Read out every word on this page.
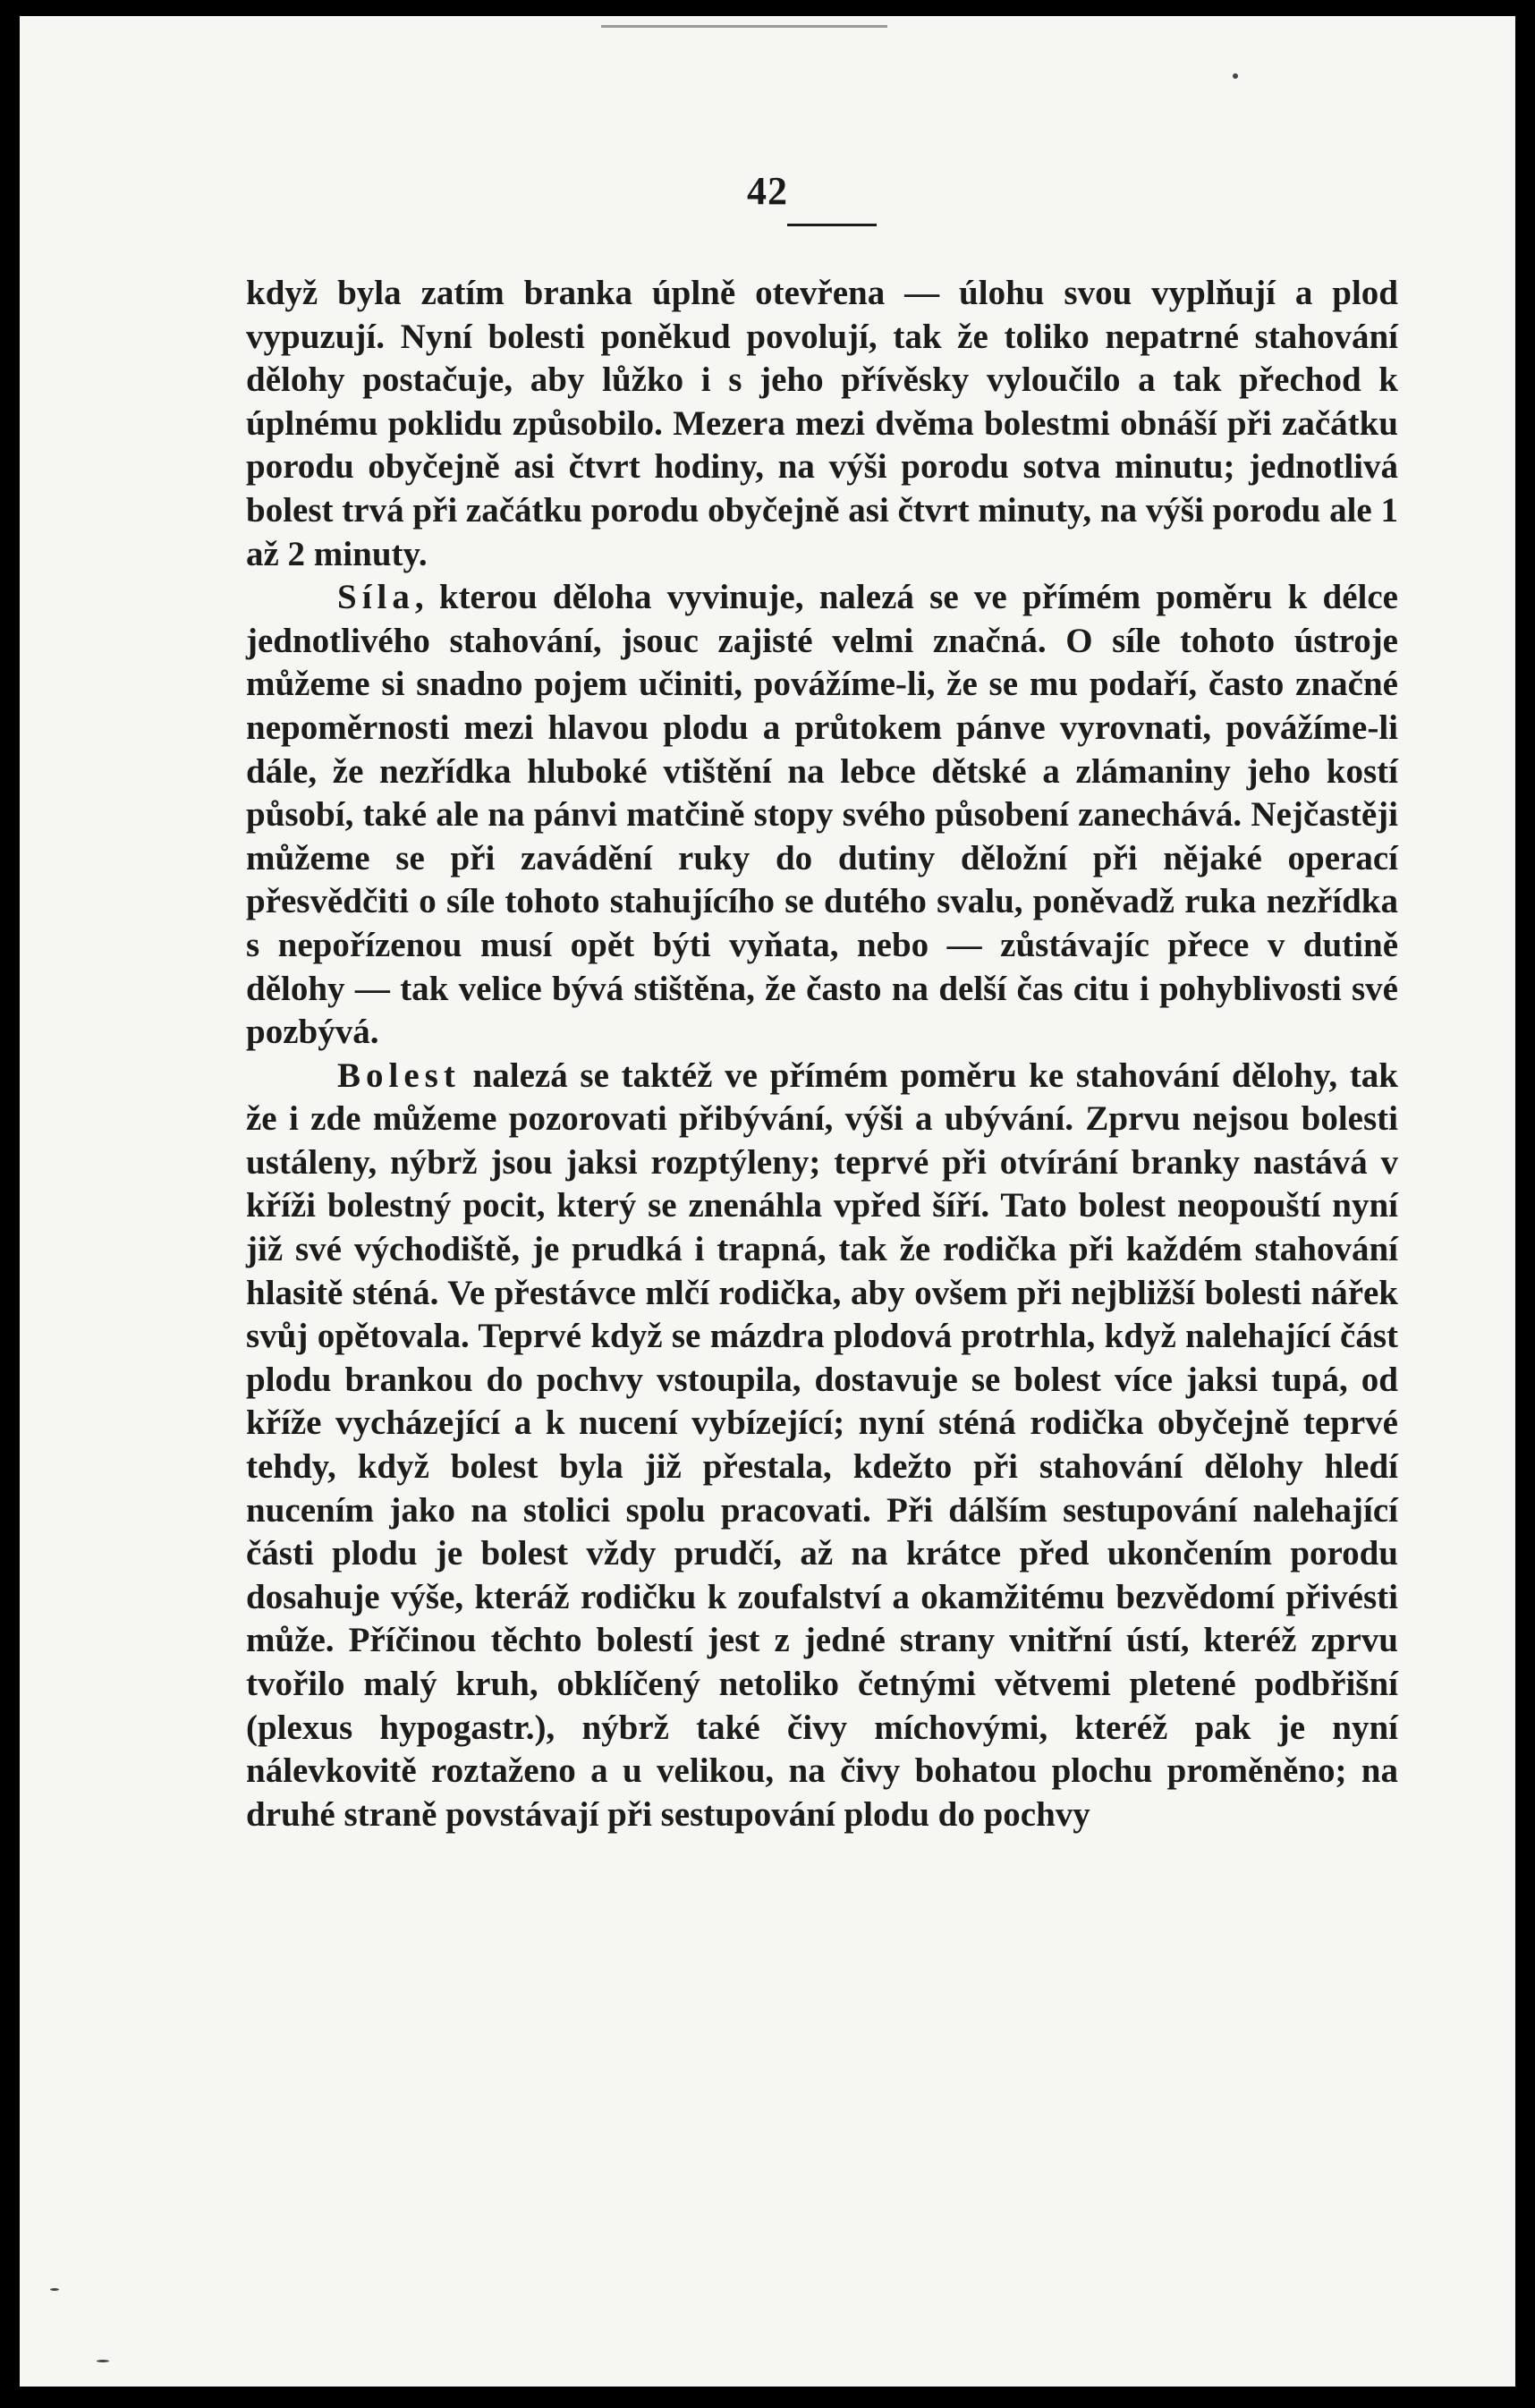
42

když byla zatím branka úplně otevřena — úlohu svou vyplňují a plod vypuzují. Nyní bolesti poněkud povolují, tak že toliko nepatrné stahování dělohy postačuje, aby lůžko i s jeho přívěsky vyloučilo a tak přechod k úplnému poklidu způsobilo. Mezera mezi dvěma bolestmi obnáší při začátku porodu obyčejně asi čtvrt hodiny, na výši porodu sotva minutu; jednotlivá bolest trvá při začátku porodu obyčejně asi čtvrt minuty, na výši porodu ale 1 až 2 minuty.

Síla, kterou děloha vyvinuje, nalezá se ve přímém poměru k délce jednotlivého stahování, jsouc zajisté velmi značná. O síle tohoto ústroje můžeme si snadno pojem učiniti, povážíme-li, že se mu podaří, často značné nepoměrnosti mezi hlavou plodu a průtokem pánve vyrovnati, povážíme-li dále, že nezřídka hluboké vtištění na lebce dětské a zlámaniny jeho kostí působí, také ale na pánvi matčině stopy svého působení zanechává. Nejčastěji můžeme se při zavádění ruky do dutiny děložní při nějaké operací přesvědčiti o síle tohoto stahujícího se dutého svalu, poněvadž ruka nezřídka s nepořízenou musí opět býti vyňata, nebo — zůstávajíc přece v dutině dělohy — tak velice bývá stištěna, že často na delší čas citu i pohyblivosti své pozbývá.

Bolest nalezá se taktéž ve přímém poměru ke stahování dělohy, tak že i zde můžeme pozorovati přibývání, výši a ubývání. Zprvu nejsou bolesti ustáleny, nýbrž jsou jaksi rozptýleny; teprvé při otvírání branky nastává v kříži bolestný pocit, který se znenáhla vpřed šíří. Tato bolest neopouští nyní již své východiště, je prudká i trapná, tak že rodička při každém stahování hlasitě sténá. Ve přestávce mlčí rodička, aby ovšem při nejbližší bolesti nářek svůj opětovala. Teprvé když se mázdra plodová protrhla, když nalehající část plodu brankou do pochvy vstoupila, dostavuje se bolest více jaksi tupá, od kříže vycházející a k nucení vybízející; nyní sténá rodička obyčejně teprvé tehdy, když bolest byla již přestala, kdežto při stahování dělohy hledí nucením jako na stolici spolu pracovati. Při dálším sestupování nalehající části plodu je bolest vždy prudčí, až na krátce před ukončením porodu dosahuje výše, kteráž rodičku k zoufalství a okamžitému bezvědomí přivésti může. Příčinou těchto bolestí jest z jedné strany vnitřní ústí, kteréž zprvu tvořilo malý kruh, obklíčený netoliko četnými větvemi pletené podbřišní (plexus hypogastr.), nýbrž také čivy míchovými, kteréž pak je nyní nálevkovitě roztaženo a u velikou, na čivy bohatou plochu proměněno; na druhé straně povstávají při sestupování plodu do pochvy
